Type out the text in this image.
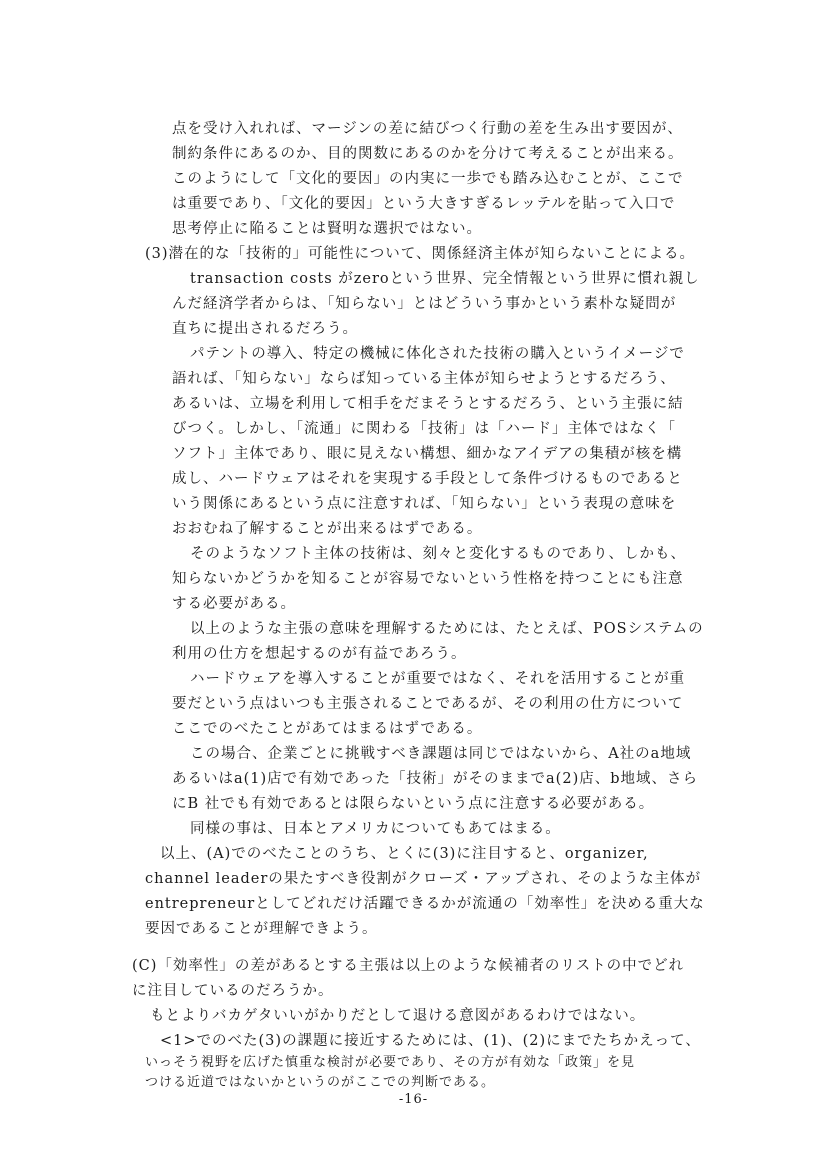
点を受け入れれば、マージンの差に結びつく行動の差を生み出す要因が、
制約条件にあるのか、目的関数にあるのかを分けて考えることが出来る。
このようにして「文化的要因」の内実に一歩でも踏み込むことが、ここで
は重要であり、「文化的要因」という大きすぎるレッテルを貼って入口で
思考停止に陥ることは賢明な選択ではない。
(3)潜在的な「技術的」可能性について、関係経済主体が知らないことによる。
transaction costs がzeroという世界、完全情報という世界に慣れ親し
んだ経済学者からは、「知らない」とはどういう事かという素朴な疑問が
直ちに提出されるだろう。
パテントの導入、特定の機械に体化された技術の購入というイメージで
語れば、「知らない」ならば知っている主体が知らせようとするだろう、
あるいは、立場を利用して相手をだまそうとするだろう、という主張に結
びつく。しかし、「流通」に関わる「技術」は「ハード」主体ではなく「
ソフト」主体であり、眼に見えない構想、細かなアイデアの集積が核を構
成し、ハードウェアはそれを実現する手段として条件づけるものであると
いう関係にあるという点に注意すれば、「知らない」という表現の意味を
おおむね了解することが出来るはずである。
そのようなソフト主体の技術は、刻々と変化するものであり、しかも、
知らないかどうかを知ることが容易でないという性格を持つことにも注意
する必要がある。
以上のような主張の意味を理解するためには、たとえば、POSシステムの
利用の仕方を想起するのが有益であろう。
ハードウェアを導入することが重要ではなく、それを活用することが重
要だという点はいつも主張されることであるが、その利用の仕方について
ここでのべたことがあてはまるはずである。
この場合、企業ごとに挑戦すべき課題は同じではないから、A社のa地域
あるいはa(1)店で有効であった「技術」がそのままでa(2)店、b地域、さら
にB 社でも有効であるとは限らないという点に注意する必要がある。
同様の事は、日本とアメリカについてもあてはまる。
以上、(A)でのべたことのうち、とくに(3)に注目すると、organizer,
channel leaderの果たすべき役割がクローズ・アップされ、そのような主体が
entrepreneurとしてどれだけ活躍できるかが流通の「効率性」を決める重大な
要因であることが理解できよう。
(C)「効率性」の差があるとする主張は以上のような候補者のリストの中でどれ
に注目しているのだろうか。
もとよりバカゲタいいがかりだとして退ける意図があるわけではない。
<1>でのべた(3)の課題に接近するためには、(1)、(2)にまでたちかえって、
いっそう視野を広げた慎重な検討が必要であり、その方が有効な「政策」を見
つける近道ではないかというのがここでの判断である。
-16-
